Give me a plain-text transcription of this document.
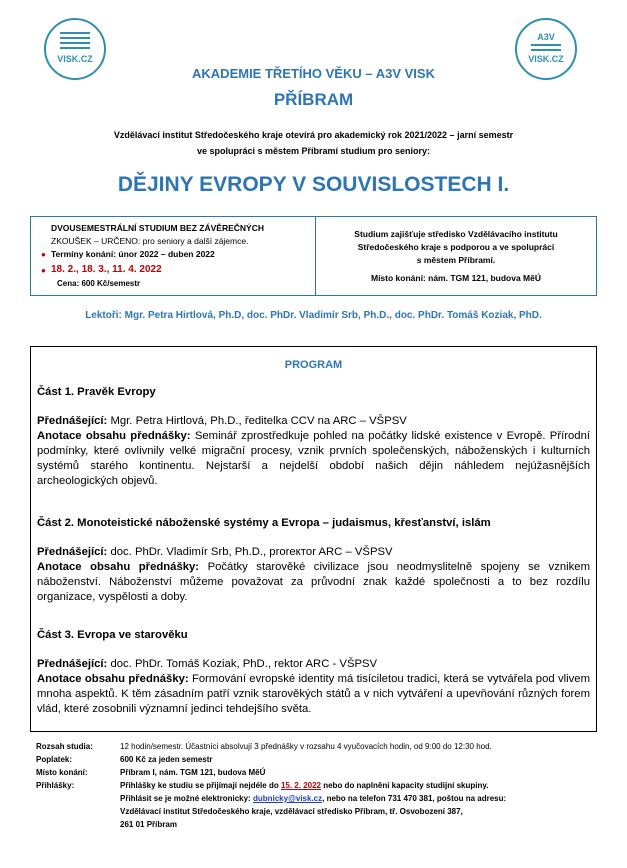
VISK.CZ
A3V
VISK.CZ
AKADEMIE TŘETÍHO VĚKU – A3V VISK
PŘÍBRAM
Vzdělávací institut Středočeského kraje otevírá pro akademický rok 2021/2022 – jarní semestr
ve spolupráci s městem Příbramí studium pro seniory:
DĚJINY EVROPY V SOUVISLOSTECH I.
DVOUSEMESTRÁLNÍ STUDIUM BEZ ZÁVĚREČNÝCH
ZKOUŠEK – URČENO: pro seniory a další zájemce.
● Termíny konání: únor 2022 – duben 2022
● 18. 2., 18. 3., 11. 4. 2022
Cena: 600 Kč/semestr
Studium zajišťuje středisko Vzdělávacího institutu
Středočeského kraje s podporou a ve spolupráci
s městem Příbramí.
Místo konání: nám. TGM 121, budova MěÚ
Lektoři: Mgr. Petra Hirtlová, Ph.D, doc. PhDr. Vladimír Srb, Ph.D., doc. PhDr. Tomáš Koziak, PhD.
PROGRAM
Část 1. Pravěk Evropy
Přednášející: Mgr. Petra Hirtlová, Ph.D., ředitelka CCV na ARC – VŠPSV
Anotace obsahu přednášky: Seminář zprostředkuje pohled na počátky lidské existence v Evropě. Přírodní podmínky, které ovlivnily velké migrační procesy, vznik prvních společenských, náboženských i kulturních systémů starého kontinentu. Nejstarší a nejdelší období našich dějin náhledem nejúžasnějších archeologických objevů.
Část 2. Monoteistické náboženské systémy a Evropa – judaismus, křesťanství, islám
Přednášející: doc. PhDr. Vladimír Srb, Ph.D., proreктor ARC – VŠPSV
Anotace obsahu přednášky: Počátky starověké civilizace jsou neodmyslitelně spojeny se vznikem náboženství. Náboženství můžeme považovat za průvodní znak každé společnosti a to bez rozdílu organizace, vyspělosti a doby.
Část 3. Evropa ve starověku
Přednášející: doc. PhDr. Tomáš Koziak, PhD., rektor ARC - VŠPSV
Anotace obsahu přednášky: Formování evropské identity má tisíciletou tradici, která se vytvářela pod vlivem mnoha aspektů. K těm zásadním patří vznik starověkých států a v nich vytváření a upevňování různých forem vlád, které zosobnili významní jedinci tehdejšího světa.
Rozsah studia:	12 hodin/semestr. Účastníci absolvují 3 přednášky v rozsahu 4 vyučovacích hodin, od 9:00 do 12:30 hod.
Poplatek:	600 Kč za jeden semestr
Místo konání:	Příbram I, nám. TGM 121, budova MěÚ
Přihlášky:	Přihlášky ke studiu se přijímají nejdéle do 15. 2. 2022 nebo do naplnění kapacity studijní skupiny.
Přihlásit se je možné elektronicky: dubnicky@visk.cz, nebo na telefon 731 470 381, poštou na adresu:
Vzdělávací institut Středočeského kraje, vzdělávací středisko Příbram, tř. Osvobození 387,
261 01 Příbram
